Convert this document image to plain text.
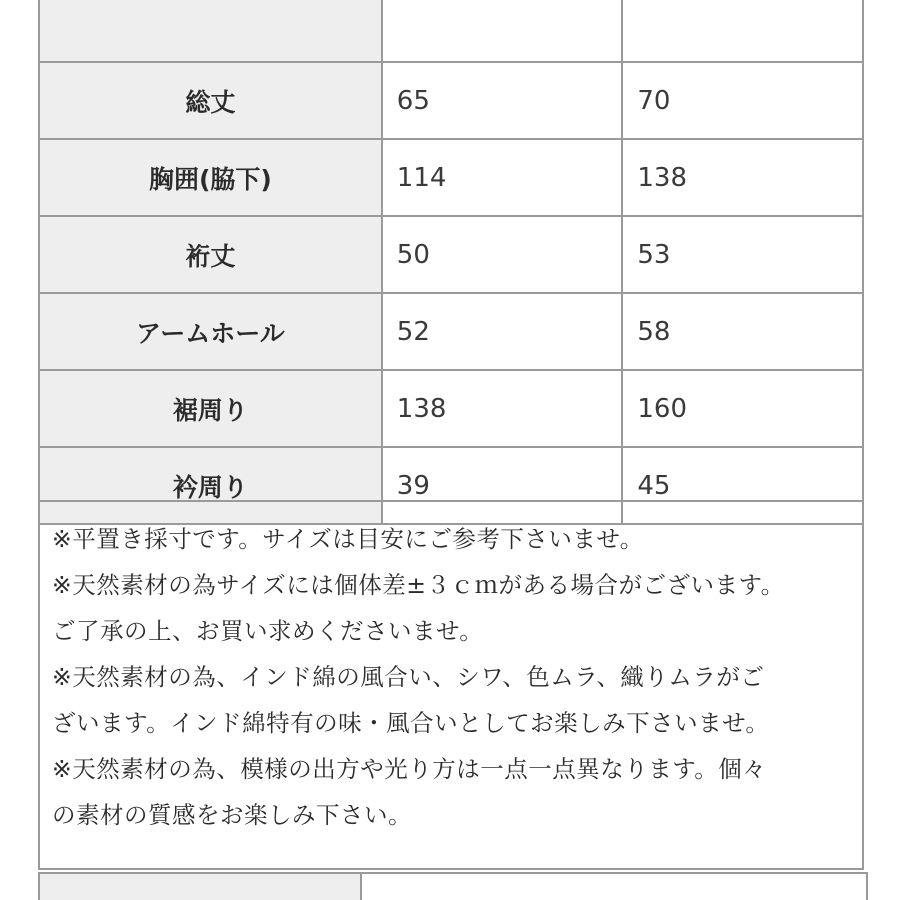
総丈	65	70
胸囲(脇下)	114	138
裄丈	50	53
アームホール	52	58
裾周り	138	160
衿周り	39	45
※平置き採寸です。サイズは目安にご参考下さいませ。
※天然素材の為サイズには個体差±３ｃｍがある場合がございます。
ご了承の上、お買い求めくださいませ。
※天然素材の為、インド綿の風合い、シワ、色ムラ、織りムラがご
ざいます。インド綿特有の味・風合いとしてお楽しみ下さいませ。
※天然素材の為、模様の出方や光り方は一点一点異なります。個々
の素材の質感をお楽しみ下さい。
